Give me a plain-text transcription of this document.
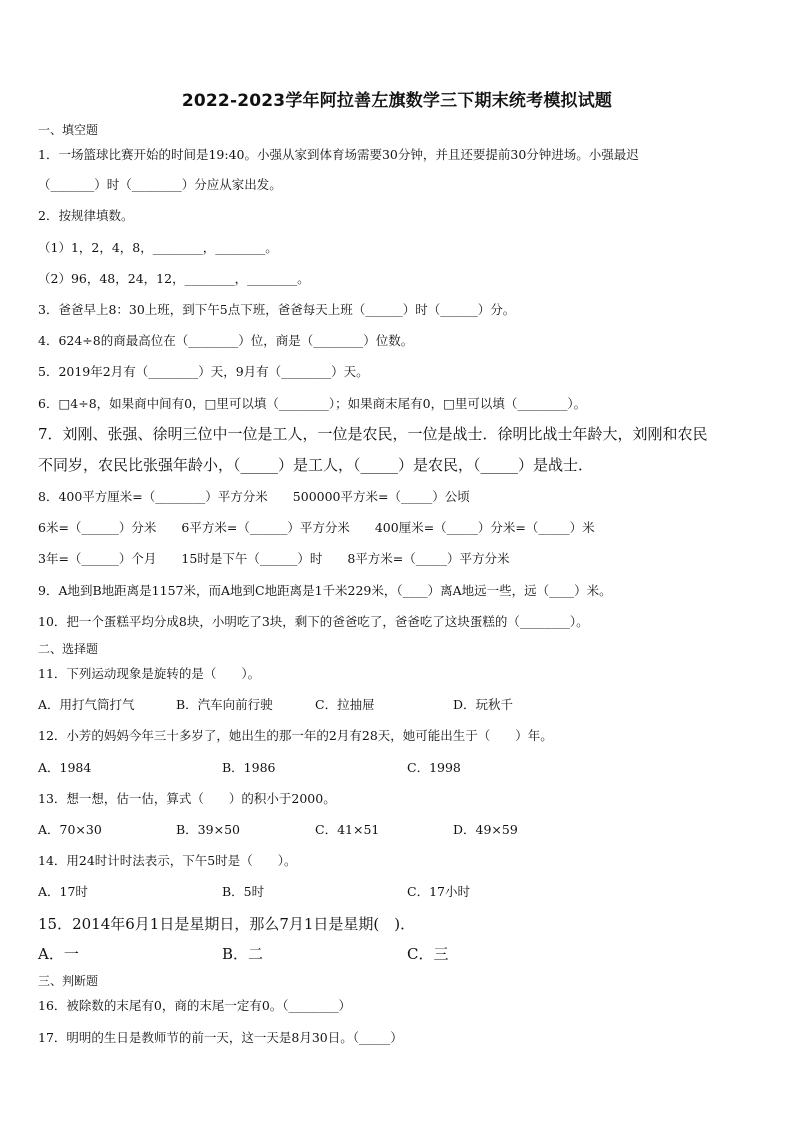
2022-2023学年阿拉善左旗数学三下期末统考模拟试题
一、填空题
1．一场篮球比赛开始的时间是19:40。小强从家到体育场需要30分钟，并且还要提前30分钟进场。小强最迟
（_______）时（________）分应从家出发。
2．按规律填数。
（1）1，2，4，8，________，________。
（2）96，48，24，12，________，________。
3．爸爸早上8：30上班，到下午5点下班，爸爸每天上班（______）时（______）分。
4．624÷8的商最高位在（________）位，商是（________）位数。
5．2019年2月有（________）天，9月有（________）天。
6．□4÷8，如果商中间有0，□里可以填（________）；如果商末尾有0，□里可以填（________）。
7．刘刚、张强、徐明三位中一位是工人，一位是农民，一位是战士．徐明比战士年龄大，刘刚和农民
不同岁，农民比张强年龄小，（_____）是工人，（_____）是农民，（_____）是战士．
8．400平方厘米=（________）平方分米　　500000平方米=（_____）公顷
6米=（______）分米　　6平方米=（______）平方分米　　400厘米=（_____）分米=（_____）米
3年=（______）个月　　15时是下午（______）时　　8平方米=（_____）平方分米
9．A地到B地距离是1157米，而A地到C地距离是1千米229米，（____）离A地远一些，远（____）米。
10．把一个蛋糕平均分成8块，小明吃了3块，剩下的爸爸吃了，爸爸吃了这块蛋糕的（________）。
二、选择题
11．下列运动现象是旋转的是（　　）。
A．用打气筒打气	B．汽车向前行驶	C．拉抽屉	D．玩秋千
12．小芳的妈妈今年三十多岁了，她出生的那一年的2月有28天，她可能出生于（　　）年。
A．1984	B．1986	C．1998
13．想一想，估一估，算式（　　）的积小于2000。
A．70×30	B．39×50	C．41×51	D．49×59
14．用24时计时法表示，下午5时是（　　）。
A．17时	B．5时	C．17小时
15．2014年6月1日是星期日，那么7月1日是星期(　)．
A．一	B．二	C．三
三、判断题
16．被除数的末尾有0，商的末尾一定有0。（________）
17．明明的生日是教师节的前一天，这一天是8月30日。（_____）
